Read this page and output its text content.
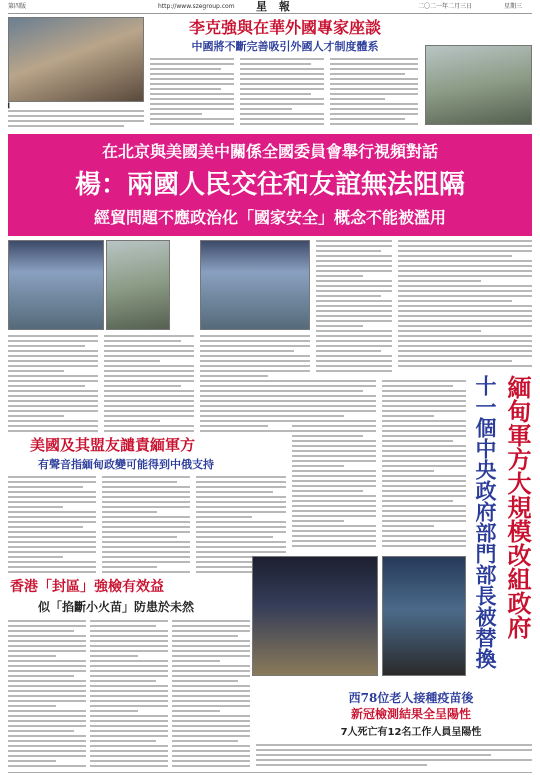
第四版	http://www.szegroup.com 星 報	二〇二一年二月三日	星期三
▍
李克強與在華外國專家座談
中國將不斷完善吸引外國人才制度體系
在北京與美國美中關係全國委員會舉行視頻對話
楊：兩國人民交往和友誼無法阻隔
經貿問題不應政治化「國家安全」概念不能被濫用
美國及其盟友譴責緬軍方
有聲音指緬甸政變可能得到中俄支持	緬甸軍方大規模改組政府
十一個中央政府部門部長被替換
香港「封區」強檢有效益
似「掐斷小火苗」防患於未然
西78位老人接種疫苗後
新冠檢測結果全呈陽性
7人死亡有12名工作人員呈陽性
